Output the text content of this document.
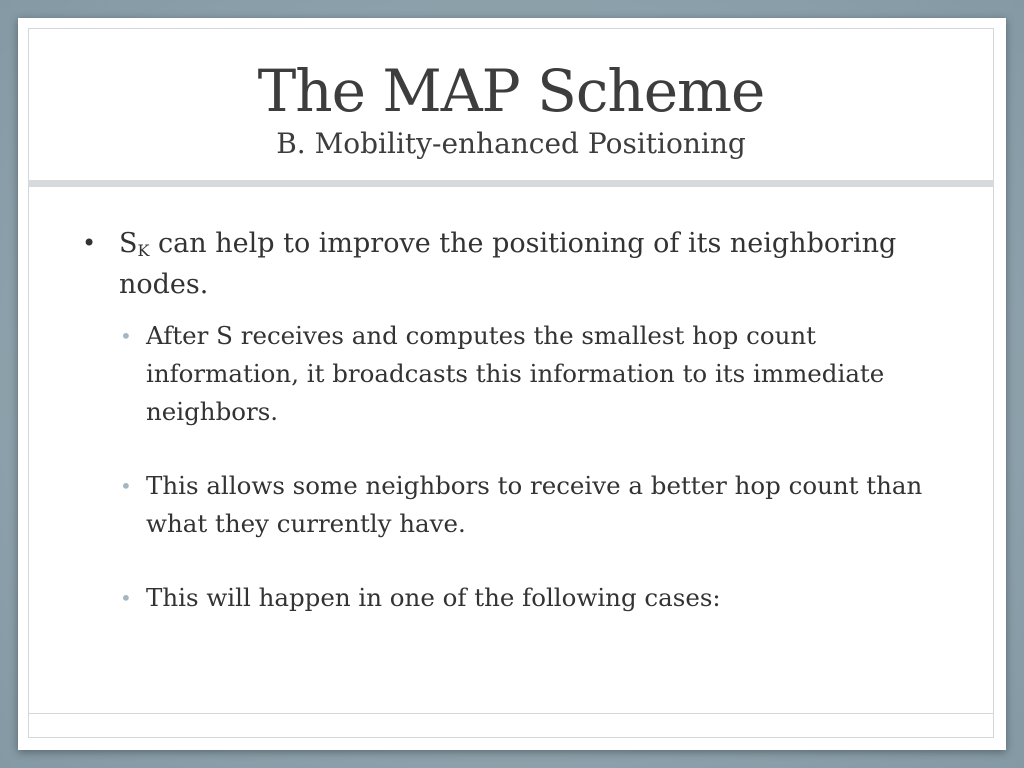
The MAP Scheme

B. Mobility-enhanced Positioning

• $S_K$ can help to improve the positioning of its neighboring nodes.
• After S receives and computes the smallest hop count information, it broadcasts this information to its immediate neighbors.
• This allows some neighbors to receive a better hop count than what they currently have.
• This will happen in one of the following cases:
